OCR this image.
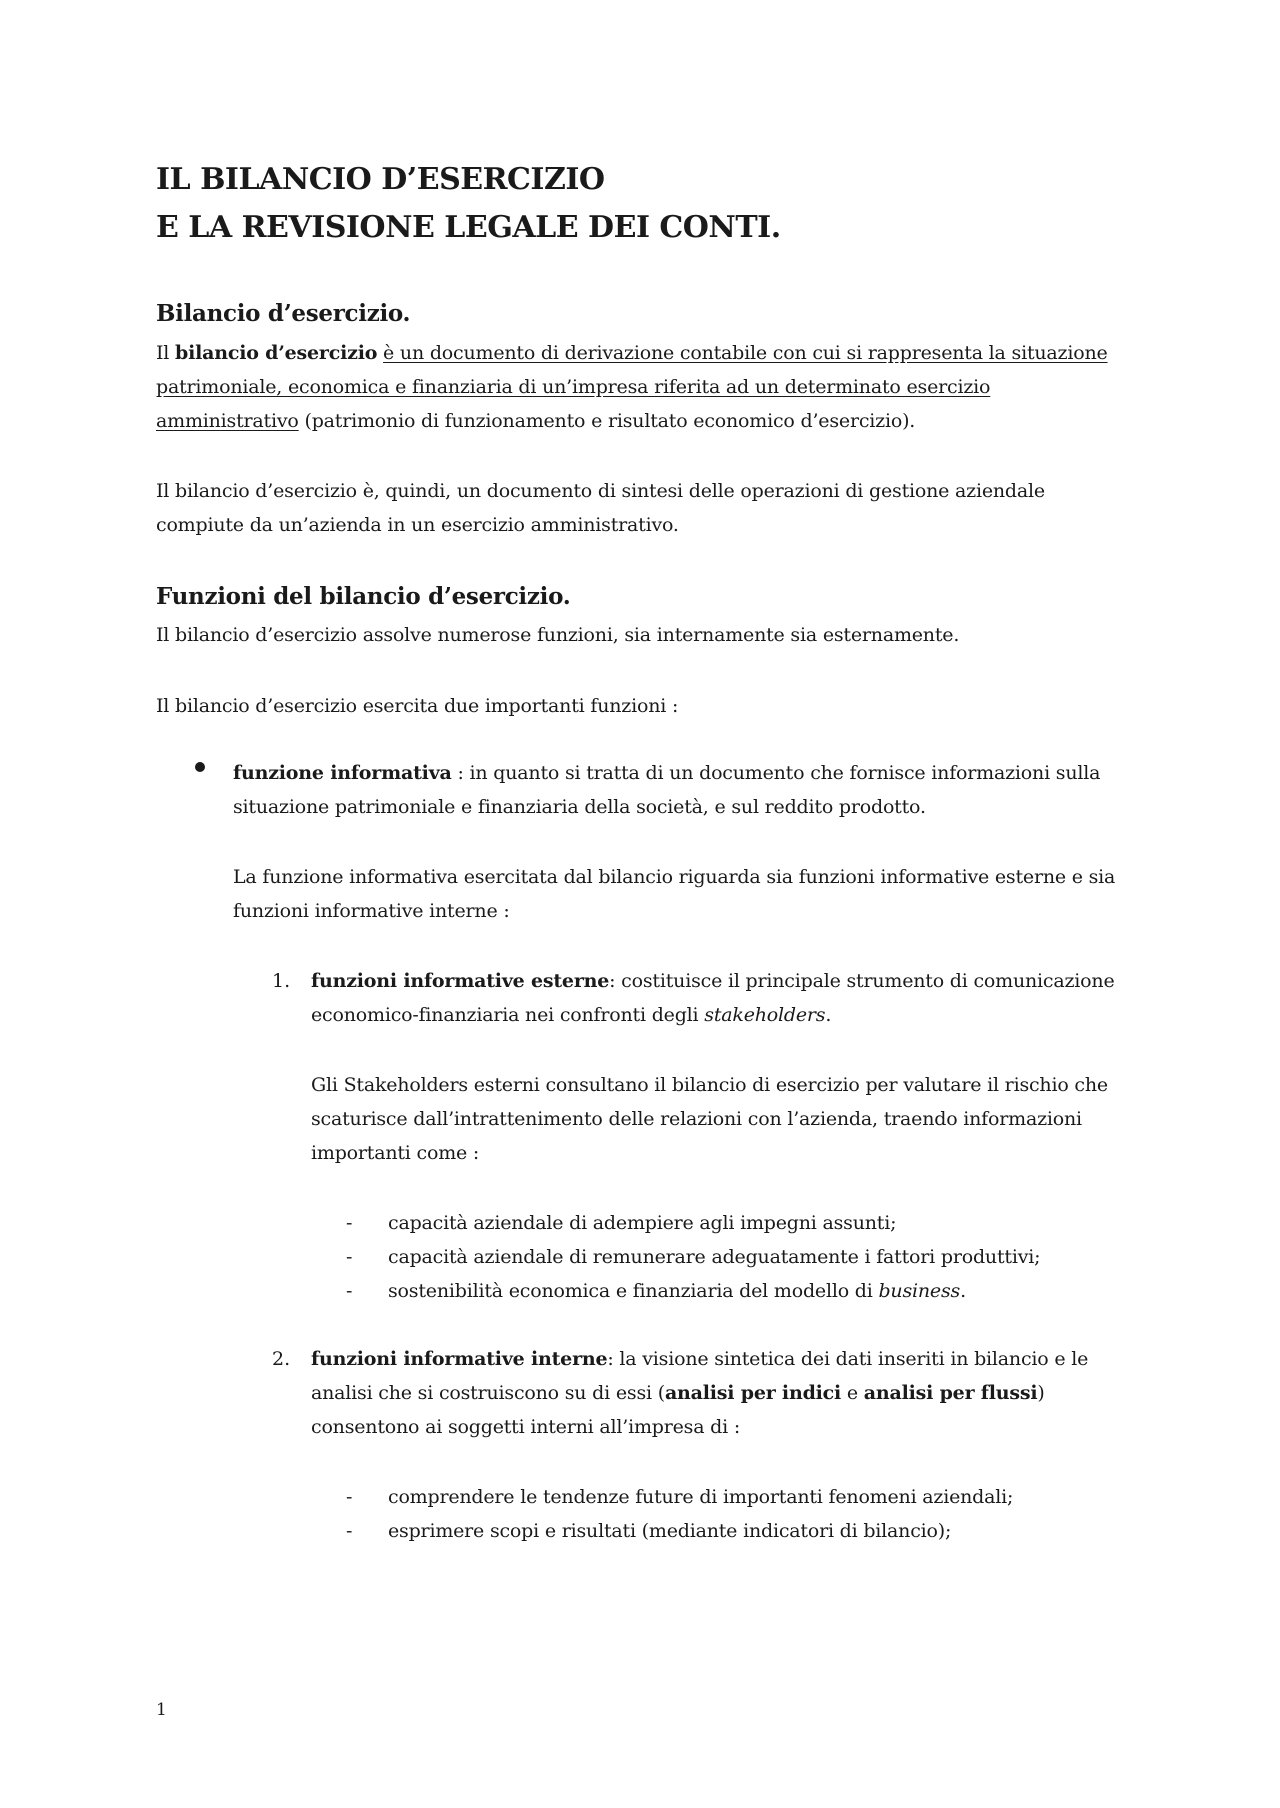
IL BILANCIO D’ESERCIZIO
E LA REVISIONE LEGALE DEI CONTI.
Bilancio d’esercizio.

Il bilancio d’esercizio è un documento di derivazione contabile con cui si rappresenta la situazione patrimoniale, economica e finanziaria di un’impresa riferita ad un determinato esercizio amministrativo (patrimonio di funzionamento e risultato economico d’esercizio).

Il bilancio d’esercizio è, quindi, un documento di sintesi delle operazioni di gestione aziendale compiute da un’azienda in un esercizio amministrativo.

Funzioni del bilancio d’esercizio.

Il bilancio d’esercizio assolve numerose funzioni, sia internamente sia esternamente.

Il bilancio d’esercizio esercita due importanti funzioni :

funzione informativa : in quanto si tratta di un documento che fornisce informazioni sulla situazione patrimoniale e finanziaria della società, e sul reddito prodotto.

La funzione informativa esercitata dal bilancio riguarda sia funzioni informative esterne e sia funzioni informative interne :

1. funzioni informative esterne: costituisce il principale strumento di comunicazione economico-finanziaria nei confronti degli stakeholders.

Gli Stakeholders esterni consultano il bilancio di esercizio per valutare il rischio che scaturisce dall’intrattenimento delle relazioni con l’azienda, traendo informazioni importanti come :

- capacità aziendale di adempiere agli impegni assunti;

- capacità aziendale di remunerare adeguatamente i fattori produttivi;

- sostenibilità economica e finanziaria del modello di business.

2. funzioni informative interne: la visione sintetica dei dati inseriti in bilancio e le analisi che si costruiscono su di essi (analisi per indici e analisi per flussi) consentono ai soggetti interni all’impresa di :

- comprendere le tendenze future di importanti fenomeni aziendali;

- esprimere scopi e risultati (mediante indicatori di bilancio);

1
